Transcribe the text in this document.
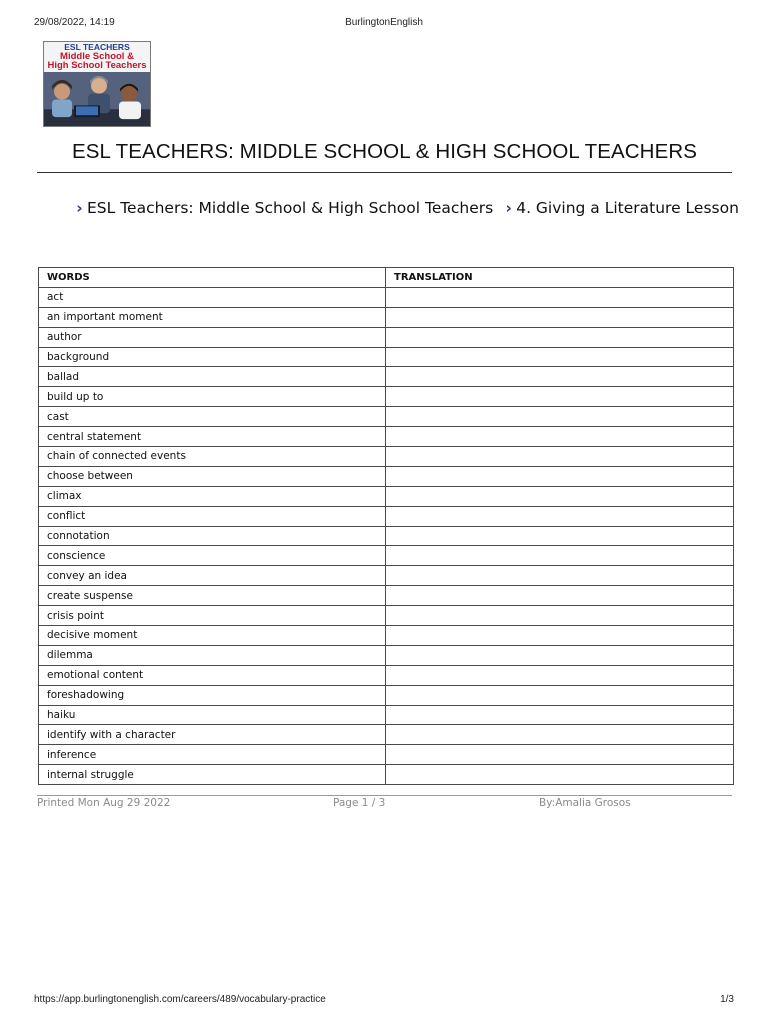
29/08/2022, 14:19	BurlingtonEnglish
ESL TEACHERS
Middle School &
High School Teachers
ESL TEACHERS: MIDDLE SCHOOL & HIGH SCHOOL TEACHERS
› ESL Teachers: Middle School & High School Teachers › 4. Giving a Literature Lesson
WORDS	TRANSLATION
act	
an important moment	
author	
background	
ballad	
build up to	
cast	
central statement	
chain of connected events	
choose between	
climax	
conflict	
connotation	
conscience	
convey an idea	
create suspense	
crisis point	
decisive moment	
dilemma	
emotional content	
foreshadowing	
haiku	
identify with a character	
inference	
internal struggle	
Printed Mon Aug 29 2022	Page 1 / 3	By:Amalia Grosos
https://app.burlingtonenglish.com/careers/489/vocabulary-practice	1/3
